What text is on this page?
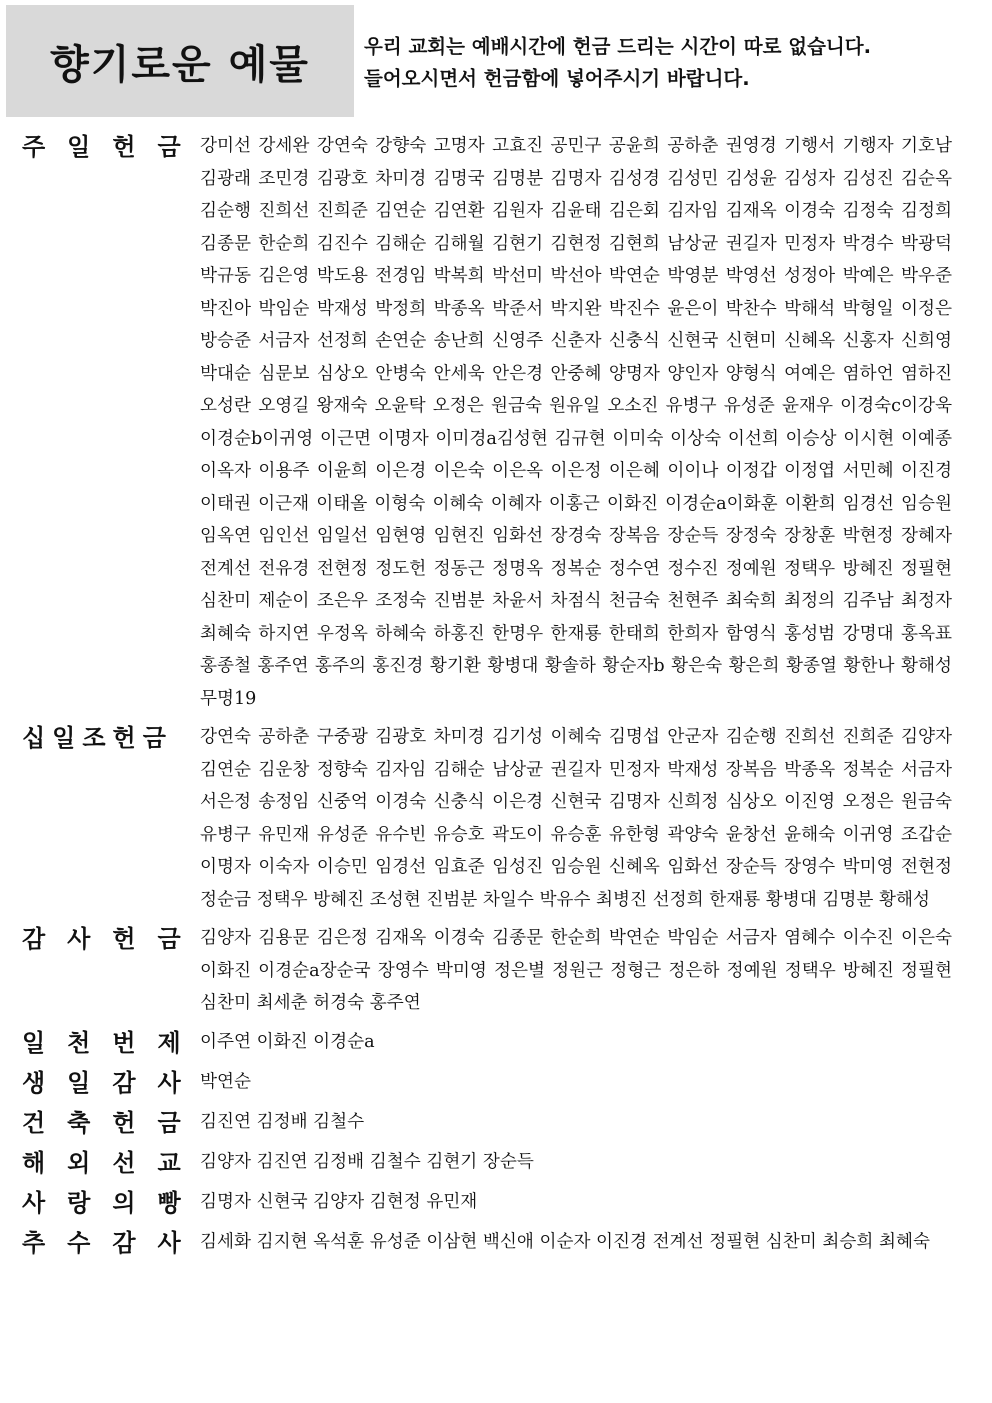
향기로운 예물	우리 교회는 예배시간에 헌금 드리는 시간이 따로 없습니다.
들어오시면서 헌금함에 넣어주시기 바랍니다.
주일헌금
강미선 강세완 강연숙 강향숙 고명자 고효진 공민구 공윤희 공하춘 권영경 기행서 기행자 기호남 김광래 조민경 김광호 차미경 김명국 김명분 김명자 김성경 김성민 김성윤 김성자 김성진 김순옥 김순행 진희선 진희준 김연순 김연환 김원자 김윤태 김은회 김자임 김재옥 이경숙 김정숙 김정희 김종문 한순희 김진수 김해순 김해월 김현기 김현정 김현희 남상균 권길자 민정자 박경수 박광덕 박규동 김은영 박도용 전경임 박복희 박선미 박선아 박연순 박영분 박영선 성정아 박예은 박우준 박진아 박임순 박재성 박정희 박종옥 박준서 박지완 박진수 윤은이 박찬수 박해석 박형일 이정은 방승준 서금자 선정희 손연순 송난희 신영주 신춘자 신충식 신현국 신현미 신혜옥 신홍자 신희영 박대순 심문보 심상오 안병숙 안세욱 안은경 안중혜 양명자 양인자 양형식 여예은 염하언 염하진 오성란 오영길 왕재숙 오윤탁 오정은 원금숙 원유일 오소진 유병구 유성준 윤재우 이경숙c이강욱 이경순b이귀영 이근면 이명자 이미경a김성현 김규현 이미숙 이상숙 이선희 이승상 이시현 이예종 이옥자 이용주 이윤희 이은경 이은숙 이은옥 이은정 이은혜 이이나 이정갑 이정엽 서민혜 이진경 이태권 이근재 이태올 이형숙 이혜숙 이혜자 이홍근 이화진 이경순a이화훈 이환희 임경선 임승원 임옥연 임인선 임일선 임현영 임현진 임화선 장경숙 장복음 장순득 장정숙 장창훈 박현정 장혜자 전계선 전유경 전현정 정도헌 정동근 정명옥 정복순 정수연 정수진 정예원 정택우 방혜진 정필현 심찬미 제순이 조은우 조정숙 진범분 차윤서 차점식 천금숙 천현주 최숙희 최정의 김주남 최정자 최혜숙 하지연 우정옥 하혜숙 하홍진 한명우 한재룡 한태희 한희자 함영식 홍성범 강명대 홍옥표 홍종철 홍주연 홍주의 홍진경 황기환 황병대 황솔하 황순자b 황은숙 황은희 황종열 황한나 황해성 무명19
십일조헌금	강연숙 공하춘 구중광 김광호 차미경 김기성 이혜숙 김명섭 안군자 김순행 진희선 진희준 김양자 김연순 김운창 정향숙 김자임 김해순 남상균 권길자 민정자 박재성 장복음 박종옥 정복순 서금자 서은정 송정임 신중억 이경숙 신충식 이은경 신현국 김명자 신희정 심상오 이진영 오정은 원금숙 유병구 유민재 유성준 유수빈 유승호 곽도이 유승훈 유한형 곽양숙 윤창선 윤해숙 이귀영 조갑순 이명자 이숙자 이승민 임경선 임효준 임성진 임승원 신혜옥 임화선 장순득 장영수 박미영 전현정 정순금 정택우 방혜진 조성현 진범분 차일수 박유수 최병진 선정희 한재룡 황병대 김명분 황해성
감사헌금
김양자 김용문 김은정 김재옥 이경숙 김종문 한순희 박연순 박임순 서금자 염혜수 이수진 이은숙 이화진 이경순a장순국 장영수 박미영 정은별 정원근 정형근 정은하 정예원 정택우 방혜진 정필현 심찬미 최세춘 허경숙 홍주연
일천번제
이주연 이화진 이경순a
생일감사
박연순
건축헌금
김진연 김정배 김철수
해외선교
김양자 김진연 김정배 김철수 김현기 장순득
사랑의빵
김명자 신현국 김양자 김현정 유민재
추수감사
김세화 김지현 옥석훈 유성준 이삼현 백신애 이순자 이진경 전계선 정필현 심찬미 최승희 최혜숙
